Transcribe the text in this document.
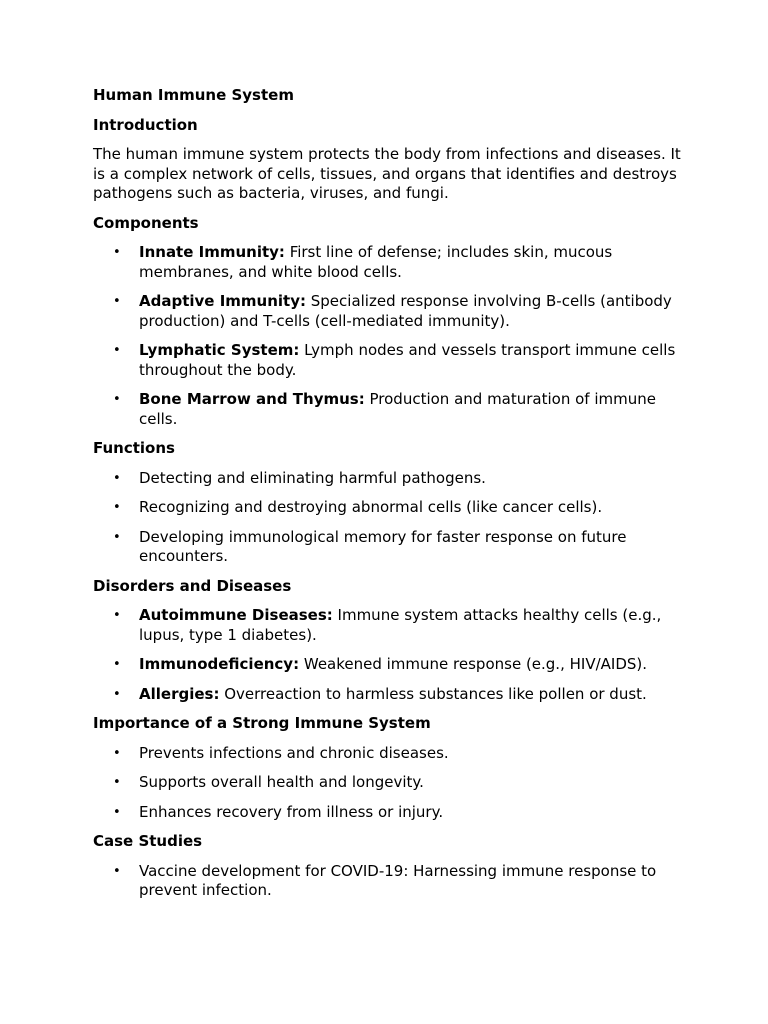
Human Immune System
Introduction

The human immune system protects the body from infections and diseases. It is a complex network of cells, tissues, and organs that identifies and destroys pathogens such as bacteria, viruses, and fungi.

Components
• Innate Immunity: First line of defense; includes skin, mucous membranes, and white blood cells.
• Adaptive Immunity: Specialized response involving B-cells (antibody production) and T-cells (cell-mediated immunity).
• Lymphatic System: Lymph nodes and vessels transport immune cells throughout the body.
• Bone Marrow and Thymus: Production and maturation of immune cells.
Functions
• Detecting and eliminating harmful pathogens.
• Recognizing and destroying abnormal cells (like cancer cells).
• Developing immunological memory for faster response on future encounters.
Disorders and Diseases
• Autoimmune Diseases: Immune system attacks healthy cells (e.g., lupus, type 1 diabetes).
• Immunodeficiency: Weakened immune response (e.g., HIV/AIDS).
• Allergies: Overreaction to harmless substances like pollen or dust.
Importance of a Strong Immune System
• Prevents infections and chronic diseases.
• Supports overall health and longevity.
• Enhances recovery from illness or injury.
Case Studies
• Vaccine development for COVID-19: Harnessing immune response to prevent infection.
